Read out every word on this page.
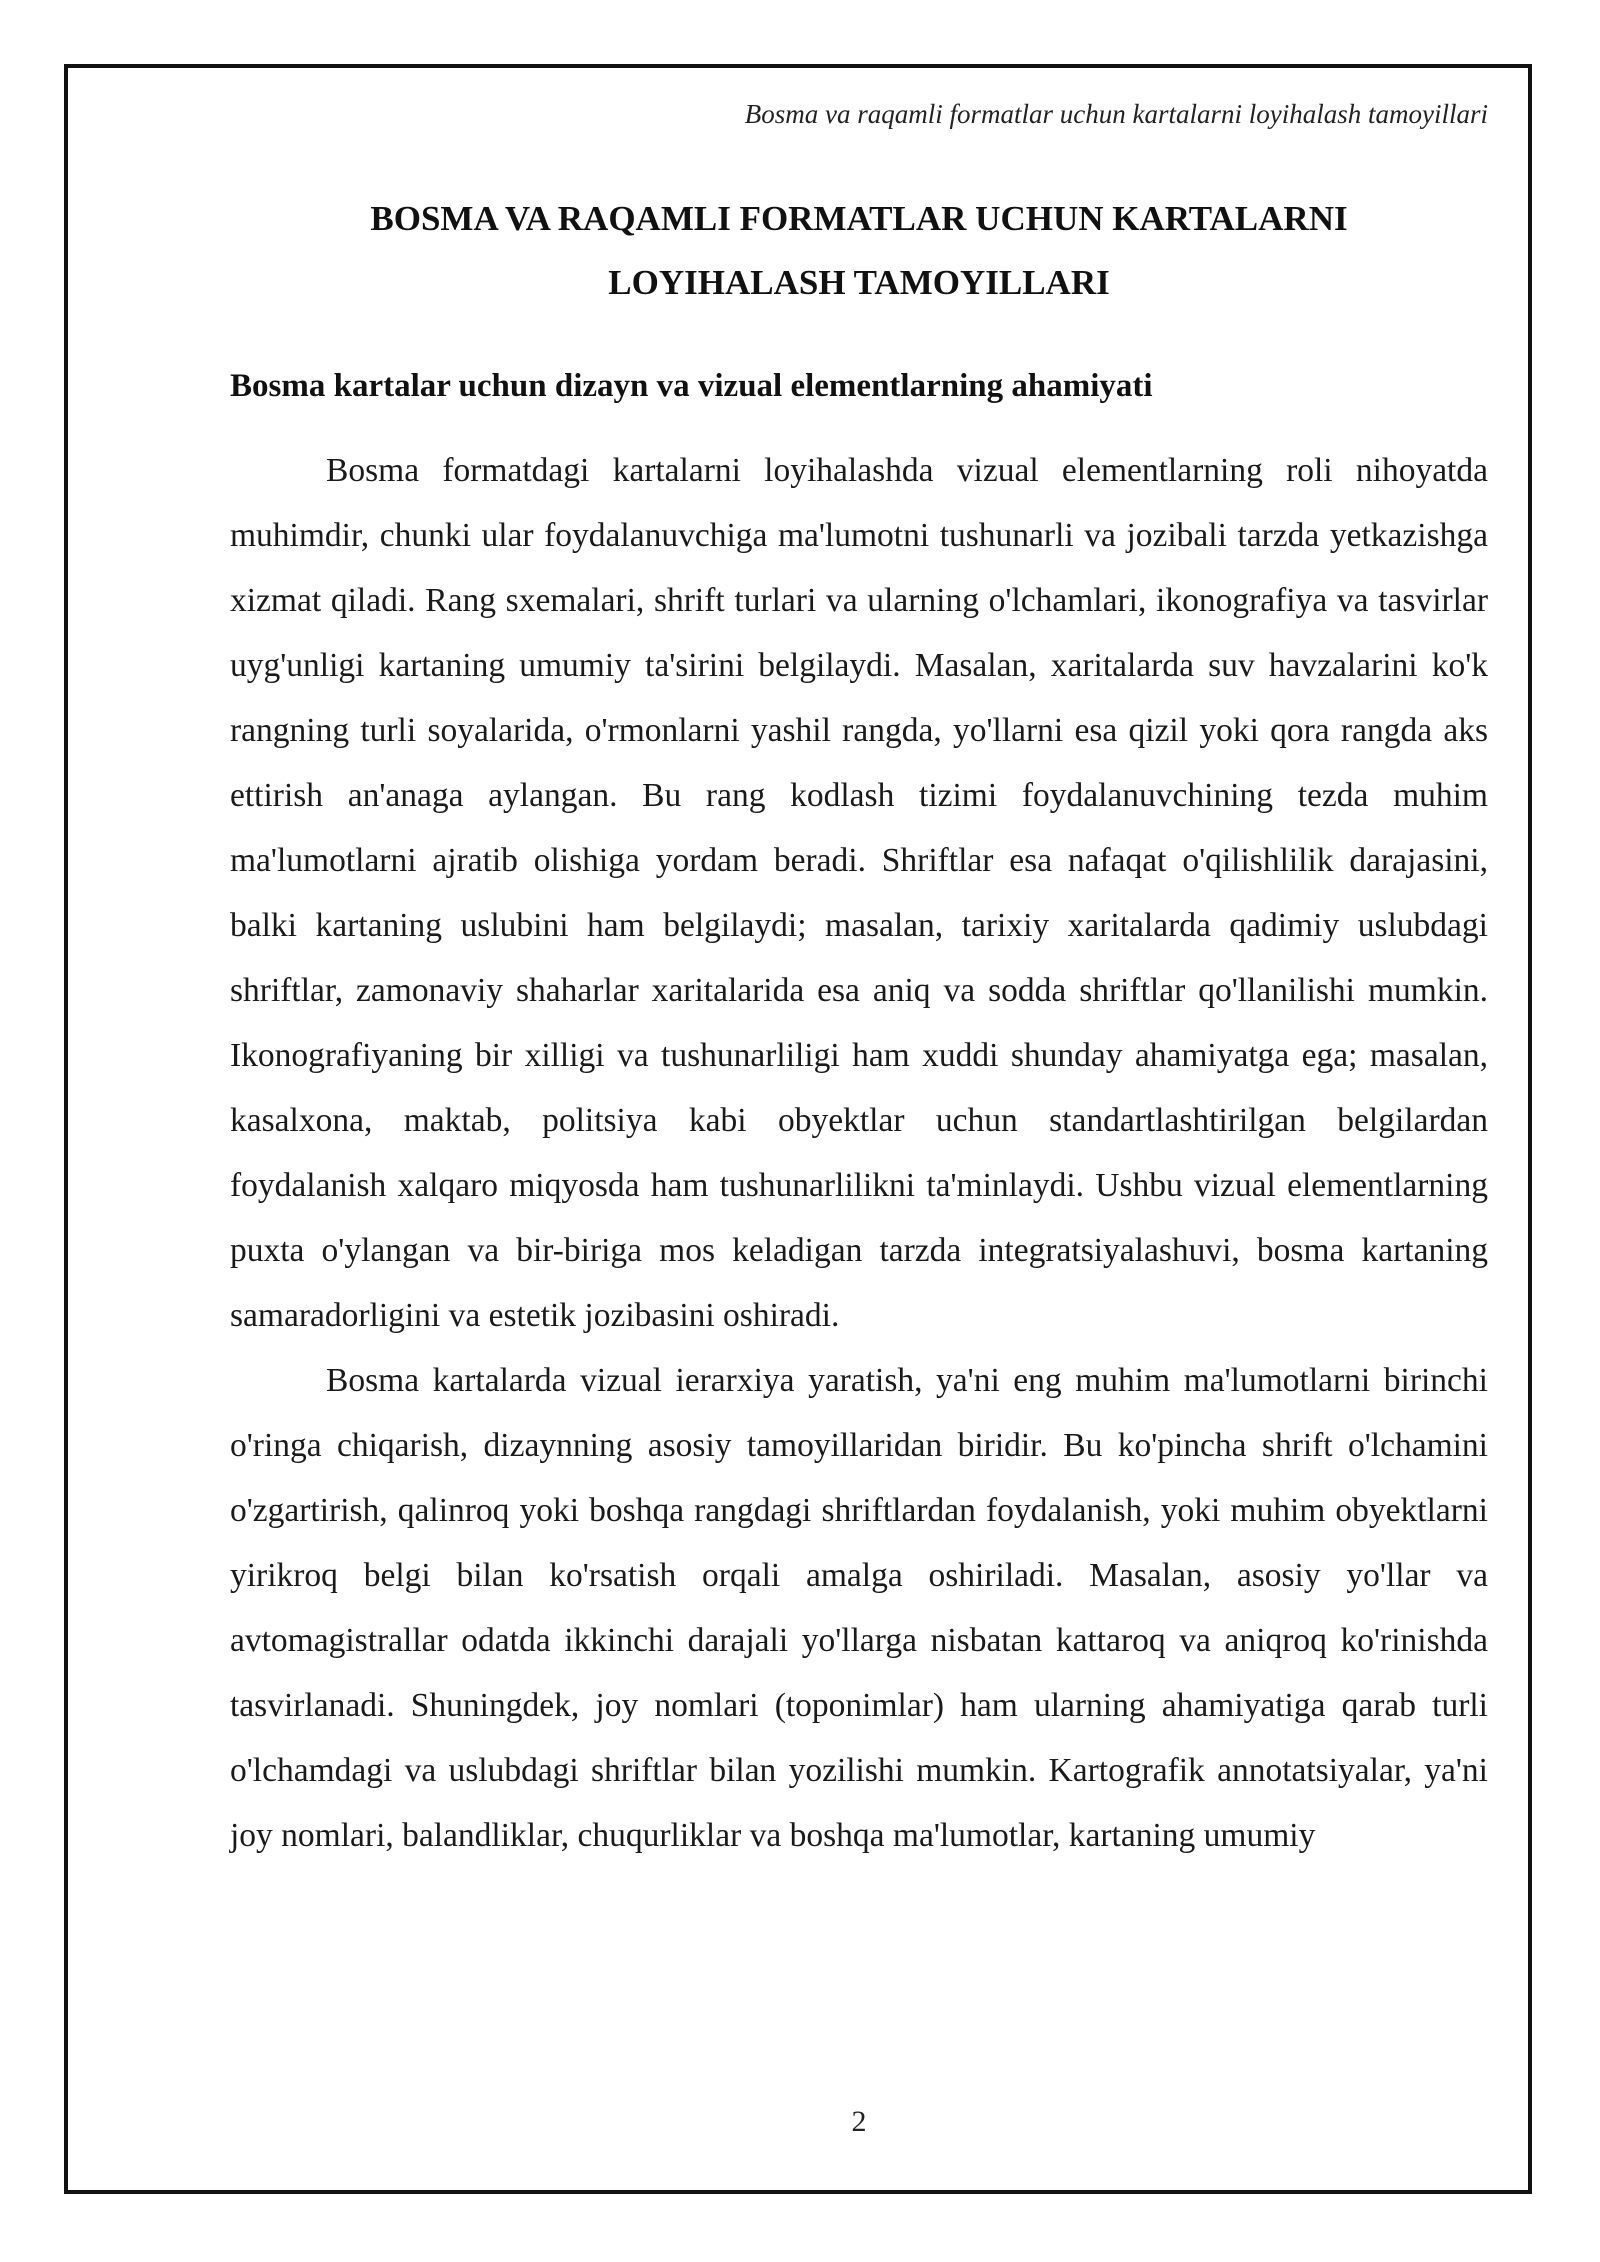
Bosma va raqamli formatlar uchun kartalarni loyihalash tamoyillari
BOSMA VA RAQAMLI FORMATLAR UCHUN KARTALARNI
LOYIHALASH TAMOYILLARI
Bosma kartalar uchun dizayn va vizual elementlarning ahamiyati

Bosma formatdagi kartalarni loyihalashda vizual elementlarning roli nihoyatda muhimdir, chunki ular foydalanuvchiga ma'lumotni tushunarli va jozibali tarzda yetkazishga xizmat qiladi. Rang sxemalari, shrift turlari va ularning o'lchamlari, ikonografiya va tasvirlar uyg'unligi kartaning umumiy ta'sirini belgilaydi. Masalan, xaritalarda suv havzalarini ko'k rangning turli soyalarida, o'rmonlarni yashil rangda, yo'llarni esa qizil yoki qora rangda aks ettirish an'anaga aylangan. Bu rang kodlash tizimi foydalanuvchining tezda muhim ma'lumotlarni ajratib olishiga yordam beradi. Shriftlar esa nafaqat o'qilishlilik darajasini, balki kartaning uslubini ham belgilaydi; masalan, tarixiy xaritalarda qadimiy uslubdagi shriftlar, zamonaviy shaharlar xaritalarida esa aniq va sodda shriftlar qo'llanilishi mumkin. Ikonografiyaning bir xilligi va tushunarliligi ham xuddi shunday ahamiyatga ega; masalan, kasalxona, maktab, politsiya kabi obyektlar uchun standartlashtirilgan belgilardan foydalanish xalqaro miqyosda ham tushunarlilikni ta'minlaydi. Ushbu vizual elementlarning puxta o'ylangan va bir-biriga mos keladigan tarzda integratsiyalashuvi, bosma kartaning samaradorligini va estetik jozibasini oshiradi.

Bosma kartalarda vizual ierarxiya yaratish, ya'ni eng muhim ma'lumotlarni birinchi o'ringa chiqarish, dizaynning asosiy tamoyillaridan biridir. Bu ko'pincha shrift o'lchamini o'zgartirish, qalinroq yoki boshqa rangdagi shriftlardan foydalanish, yoki muhim obyektlarni yirikroq belgi bilan ko'rsatish orqali amalga oshiriladi. Masalan, asosiy yo'llar va avtomagistrallar odatda ikkinchi darajali yo'llarga nisbatan kattaroq va aniqroq ko'rinishda tasvirlanadi. Shuningdek, joy nomlari (toponimlar) ham ularning ahamiyatiga qarab turli o'lchamdagi va uslubdagi shriftlar bilan yozilishi mumkin. Kartografik annotatsiyalar, ya'ni joy nomlari, balandliklar, chuqurliklar va boshqa ma'lumotlar, kartaning umumiy

2
